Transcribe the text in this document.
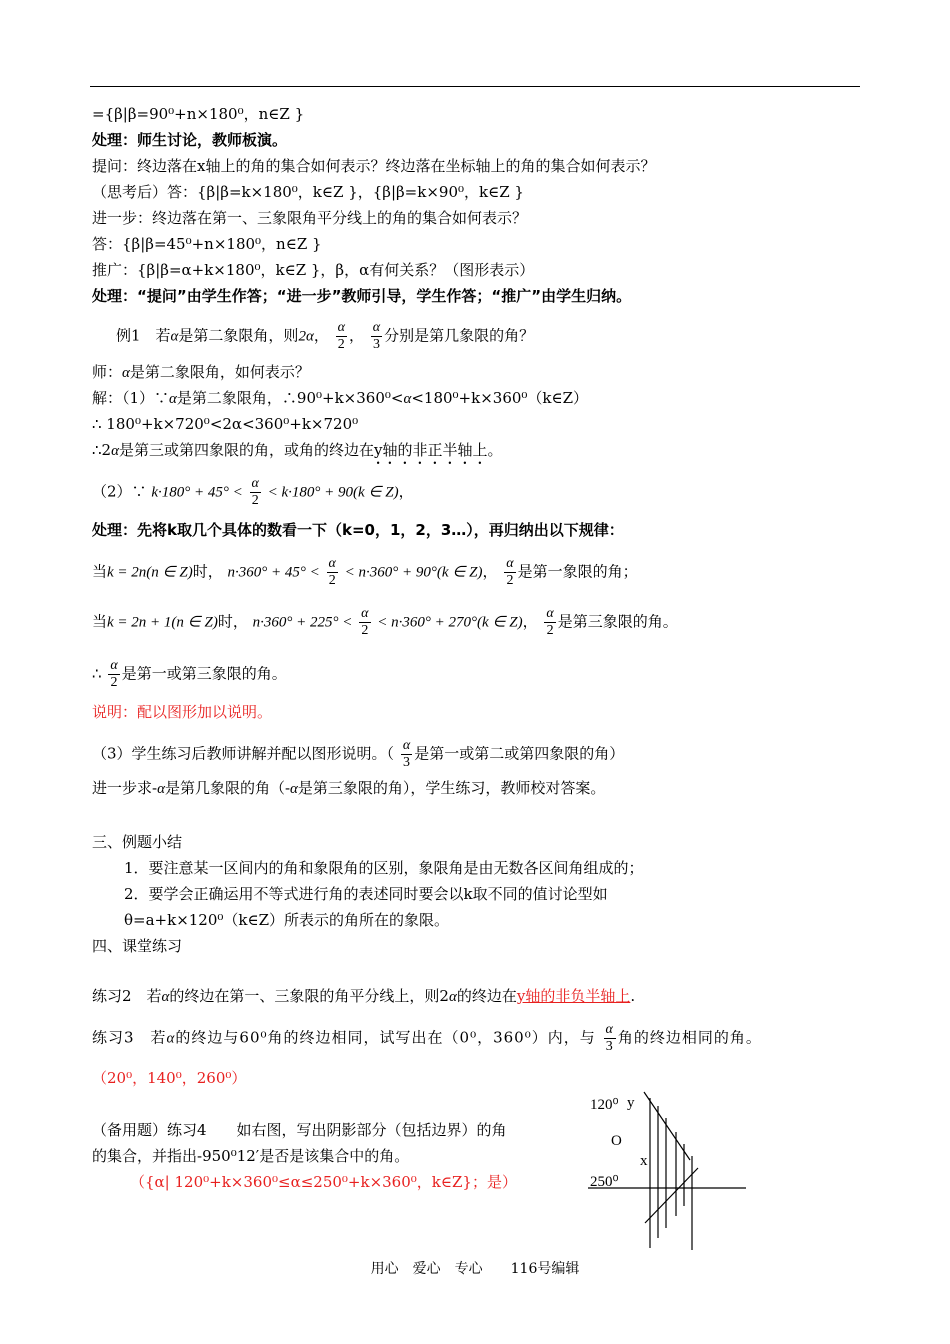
={β|β=90⁰+n×180⁰，n∈Z }
处理：师生讨论，教师板演。
提问：终边落在x轴上的角的集合如何表示？终边落在坐标轴上的角的集合如何表示？
（思考后）答：{β|β=k×180⁰，k∈Z }，{β|β=k×90⁰，k∈Z }
进一步：终边落在第一、三象限角平分线上的角的集合如何表示？
答：{β|β=45⁰+n×180⁰，n∈Z }
推广：{β|β=α+k×180⁰，k∈Z }，β，α有何关系？（图形表示）
处理：“提问”由学生作答；“进一步”教师引导，学生作答；“推广”由学生归纳。
例1　若α是第二象限角，则2α， $\frac{\alpha}{2}$ ， $\frac{\alpha}{3}$ 分别是第几象限的角？
师：α是第二象限角，如何表示？
解：（1）∵α是第二象限角，∴90⁰+k×360⁰<α<180⁰+k×360⁰（k∈Z）
∴ 180⁰+k×720⁰<2α<360⁰+k×720⁰
∴2α是第三或第四象限的角，或角的终边在y轴的非正半轴上。
（2）∵ $k\cdot 180^\circ + 45^\circ < \frac{\alpha}{2} < k\cdot 180^\circ + 90(k$ ∈ Z)，
处理：先将k取几个具体的数看一下（k=0，1，2，3…），再归纳出以下规律：
当k = 2n(n ∈ Z)时， $n\cdot 360^\circ + 45^\circ < \frac{\alpha}{2} < n\cdot 360^\circ + 90^\circ(k$ ∈ Z)， $\frac{\alpha}{2}$ 是第一象限的角；
当k = 2n + 1(n ∈ Z)时， $n\cdot 360^\circ + 225^\circ < \frac{\alpha}{2} < n\cdot 360^\circ + 270^\circ(k$ ∈ Z)， $\frac{\alpha}{2}$ 是第三象限的角。
∴ $\frac{\alpha}{2}$ 是第一或第三象限的角。
说明：配以图形加以说明。
（3）学生练习后教师讲解并配以图形说明。（ $\frac{\alpha}{3}$ 是第一或第二或第四象限的角）
进一步求-α是第几象限的角（-α是第三象限的角），学生练习，教师校对答案。
三、例题小结
1．要注意某一区间内的角和象限角的区别，象限角是由无数各区间角组成的；
2．要学会正确运用不等式进行角的表述同时要会以k取不同的值讨论型如
θ=a+k×120⁰（k∈Z）所表示的角所在的象限。
四、课堂练习
练习2　若α的终边在第一、三象限的角平分线上，则2α的终边在y轴的非负半轴上.
练习3　若α的终边与60⁰角的终边相同，试写出在（0⁰，360⁰）内，与 $\frac{\alpha}{3}$ 角的终边相同的角。
（20⁰，140⁰，260⁰）
（备用题）练习4　　如右图，写出阴影部分（包括边界）的角
的集合，并指出-950⁰12′是否是该集合中的角。
（{α| 120⁰+k×360⁰≤α≤250⁰+k×360⁰，k∈Z}；是）
120⁰ y
O
x
250⁰
用心　爱心　专心　　116号编辑
